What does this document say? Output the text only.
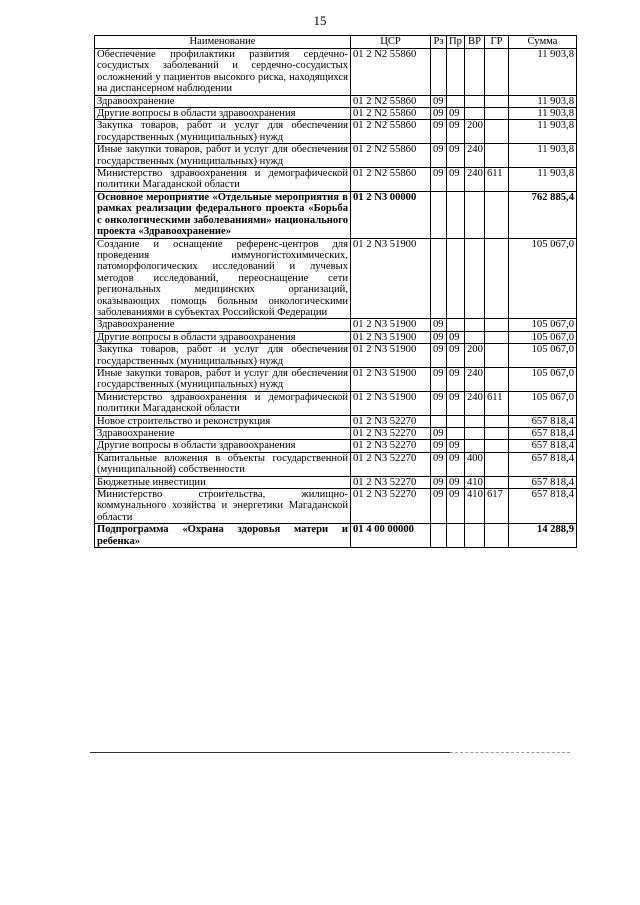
15
Наименование	ЦСР	Рз	Пр	ВР	ГР	Сумма
Обеспечение профилактики развития сердечно-сосудистых заболеваний и сердечно-сосудистых осложнений у пациентов высокого риска, находящихся на диспансерном наблюдении	01 2 N2 55860					11 903,8
Здравоохранение	01 2 N2 55860	09				11 903,8
Другие вопросы в области здравоохранения	01 2 N2 55860	09	09			11 903,8
Закупка товаров, работ и услуг для обеспечения государственных (муниципальных) нужд	01 2 N2 55860	09	09	200		11 903,8
Иные закупки товаров, работ и услуг для обеспечения государственных (муниципальных) нужд	01 2 N2 55860	09	09	240		11 903,8
Министерство здравоохранения и демографической политики Магаданской области	01 2 N2 55860	09	09	240	611	11 903,8
Основное мероприятие «Отдельные мероприятия в рамках реализации федерального проекта «Борьба с онкологическими заболеваниями» национального проекта «Здравоохранение»	01 2 N3 00000					762 885,4
Создание и оснащение референс-центров для проведения иммуногистохимических, патоморфологических исследований и лучевых методов исследований, переоснащение сети региональных медицинских организаций, оказывающих помощь больным онкологическими заболеваниями в субъектах Российской Федерации	01 2 N3 51900					105 067,0
Здравоохранение	01 2 N3 51900	09				105 067,0
Другие вопросы в области здравоохранения	01 2 N3 51900	09	09			105 067,0
Закупка товаров, работ и услуг для обеспечения государственных (муниципальных) нужд	01 2 N3 51900	09	09	200		105 067,0
Иные закупки товаров, работ и услуг для обеспечения государственных (муниципальных) нужд	01 2 N3 51900	09	09	240		105 067,0
Министерство здравоохранения и демографической политики Магаданской области	01 2 N3 51900	09	09	240	611	105 067,0
Новое строительство и реконструкция	01 2 N3 52270					657 818,4
Здравоохранение	01 2 N3 52270	09				657 818,4
Другие вопросы в области здравоохранения	01 2 N3 52270	09	09			657 818,4
Капитальные вложения в объекты государственной (муниципальной) собственности	01 2 N3 52270	09	09	400		657 818,4
Бюджетные инвестиции	01 2 N3 52270	09	09	410		657 818,4
Министерство строительства, жилищно-коммунального хозяйства и энергетики Магаданской области	01 2 N3 52270	09	09	410	617	657 818,4
Подпрограмма «Охрана здоровья матери и ребенка»	01 4 00 00000					14 288,9
